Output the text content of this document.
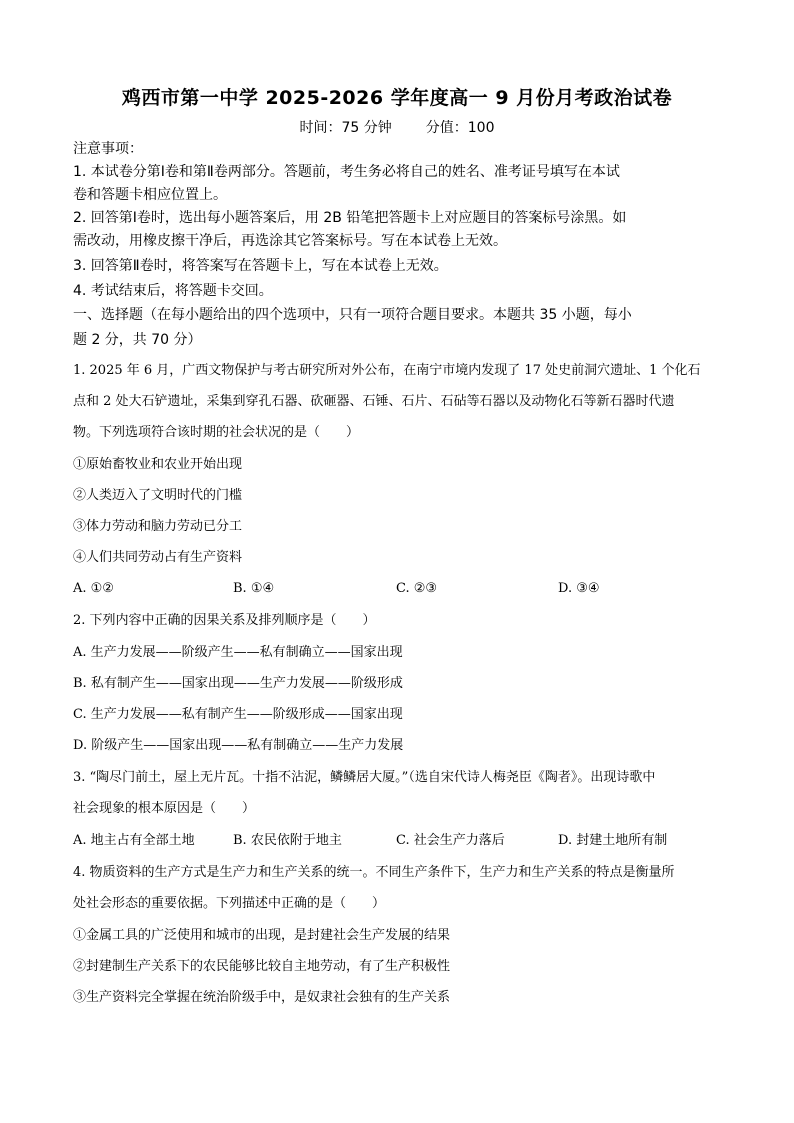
鸡西市第一中学 2025-2026 学年度高一 9 月份月考政治试卷
时间：75 分钟 分值：100
注意事项：
1. 本试卷分第Ⅰ卷和第Ⅱ卷两部分。答题前，考生务必将自己的姓名、准考证号填写在本试
卷和答题卡相应位置上。
2. 回答第Ⅰ卷时，选出每小题答案后，用 2B 铅笔把答题卡上对应题目的答案标号涂黑。如
需改动，用橡皮擦干净后，再选涂其它答案标号。写在本试卷上无效。
3. 回答第Ⅱ卷时，将答案写在答题卡上，写在本试卷上无效。
4. 考试结束后，将答题卡交回。
一、选择题（在每小题给出的四个选项中，只有一项符合题目要求。本题共 35 小题，每小
题 2 分，共 70 分）
1. 2025 年 6 月，广西文物保护与考古研究所对外公布，在南宁市境内发现了 17 处史前洞穴遗址、1 个化石
点和 2 处大石铲遗址，采集到穿孔石器、砍砸器、石锤、石片、石砧等石器以及动物化石等新石器时代遗
物。下列选项符合该时期的社会状况的是（　　）
①原始畜牧业和农业开始出现
②人类迈入了文明时代的门槛
③体力劳动和脑力劳动已分工
④人们共同劳动占有生产资料
A. ①②	B. ①④	C. ②③	D. ③④
2. 下列内容中正确的因果关系及排列顺序是（　　）
A. 生产力发展——阶级产生——私有制确立——国家出现
B. 私有制产生——国家出现——生产力发展——阶级形成
C. 生产力发展——私有制产生——阶级形成——国家出现
D. 阶级产生——国家出现——私有制确立——生产力发展
3. “陶尽门前土，屋上无片瓦。十指不沾泥，鳞鳞居大厦。”（选自宋代诗人梅尧臣《陶者》。出现诗歌中
社会现象的根本原因是（　　）
A. 地主占有全部土地	B. 农民依附于地主	C. 社会生产力落后	D. 封建土地所有制
4. 物质资料的生产方式是生产力和生产关系的统一。不同生产条件下，生产力和生产关系的特点是衡量所
处社会形态的重要依据。下列描述中正确的是（　　）
①金属工具的广泛使用和城市的出现，是封建社会生产发展的结果
②封建制生产关系下的农民能够比较自主地劳动，有了生产积极性
③生产资料完全掌握在统治阶级手中，是奴隶社会独有的生产关系
